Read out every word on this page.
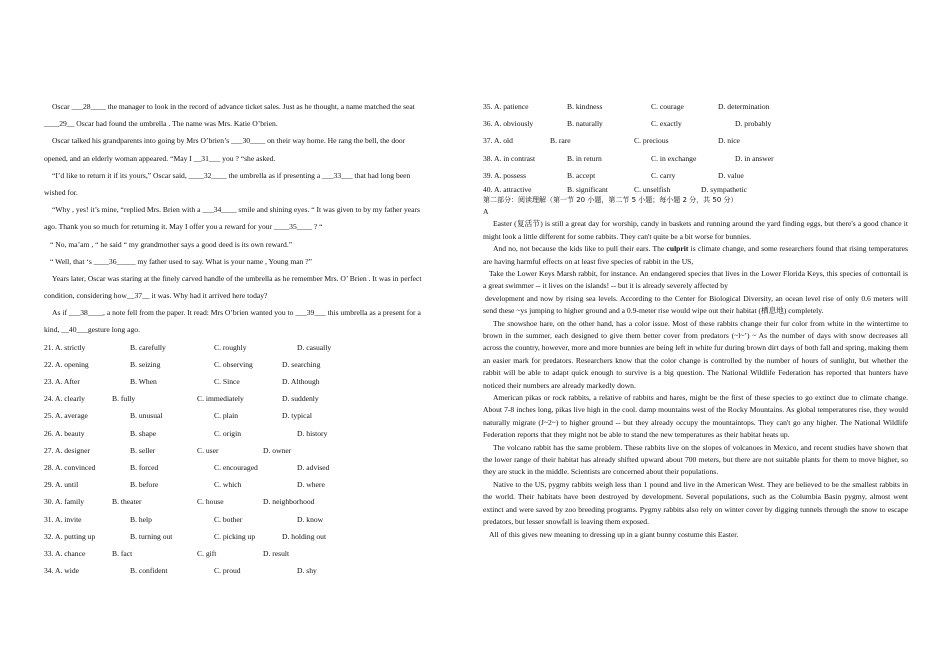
Oscar ___28____ the manager to look in the record of advance ticket sales. Just as he thought, a name matched the seat
____29__ Oscar had found the umbrella . The name was Mrs. Katie O’brien.
Oscar talked his grandparents into going by Mrs O’brien’s ___30____ on their way home. He rang the bell, the door
opened, and an elderly woman appeared. “May I __31___ you ? “she asked.
“I’d like to return it if its yours,” Oscar said, ____32____ the umbrella as if presenting a ___33___ that had long been
wished for.
“Why , yes! it’s mine, “replied Mrs. Brien with a ___34____ smile and shining eyes. “ It was given to by my father years
ago. Thank you so much for returning it. May I offer you a reward for your ____35____ ? “
“ No, ma’am , “ he said “ my grandmother says a good deed is its own reward.”
“ Well, that ‘s ____36_____ my father used to say. What is your name , Young man ?”
Years later, Oscar was staring at the finely carved handle of the umbrella as he remember Mrs. O’ Brien . It was in perfect
condition, considering how__37__ it was. Why had it arrived here today?
As if ___38____, a note fell from the paper. It read: Mrs O’brien wanted you to ___39___ this umbrella as a present for a
kind, __40___gesture long ago.
21. A. strictly	B. carefully	C. roughly	D. casually
22. A. opening	B. seizing	C. observing	D. searching
23. A. After	B. When	C. Since	D. Although
24. A. clearly	B. fully	C. immediately	D. suddenly
25. A. average	B. unusual	C. plain	D. typical
26. A. beauty	B. shape	C. origin	D. history
27. A. designer	B. seller	C. user	D. owner
28. A. convinced	B. forced	C. encouraged	D. advised
29. A. until	B. before	C. which	D. where
30. A. family	B. theater	C. house	D. neighborhood
31. A. invite	B. help	C. bother	D. know
32. A. putting up	B. turning out	C. picking up	D. holding out
33. A. chance	B. fact	C. gift	D. result
34. A. wide	B. confident	C. proud	D. shy
35. A. patience	B. kindness	C. courage	D. determination
36. A. obviously	B. naturally	C. exactly	D. probably
37. A. old	B. rare	C. precious	D. nice
38. A. in contrast	B. in return	C. in exchange	D. in answer
39. A. possess	B. accept	C. carry	D. value
40. A. attractive	B. significant	C. unselfish	D. sympathetic

第二部分：阅读理解（第一节 20 小题，第二节 5 小题；每小题 2 分，共 50 分）

A

Easter (复活节) is still a great day for worship, candy in baskets and running around the yard finding eggs, but there's a good chance it might look a little different for some rabbits. They can't quite be a bit worse for bunnies.

And no, not because the kids like to pull their ears. The culprit is climate change, and some researchers found that rising temperatures are having harmful effects on at least five species of rabbit in the US,

Take the Lower Keys Marsh rabbit, for instance. An endangered species that lives in the Lower Florida Keys, this species of cottontail is a great swimmer -- it lives on the islands! -- but it is already severely affected by

development and now by rising sea levels. According to the Center for Biological Diversity, an ocean level rise of only 0.6 meters will send these ~ys jumping to higher ground and a 0.9-meter rise would wipe out their habitat (栖息地) completely.

The snowshoe hare, on the other hand, has a color issue. Most of these rabbits change their fur color from white in the wintertime to brown in the summer, each designed to give them better cover from predators (~l~’) ~ As the number of days with snow decreases all across the country, however, more and more bunnies are being left in white fur during brown dirt days of both fall and spring, making them an easier mark for predators. Researchers know that the color change is controlled by the number of hours of sunlight, but whether the rabbit will be able to adapt quick enough to survive is a big question. The National Wildlife Federation has reported that hunters have noticed their numbers are already markedly down.

American pikas or rock rabbits, a relative of rabbits and hares, might be the first of these species to go extinct due to climate change. About 7-8 inches long, pikas live high in the cool. damp mountains west of the Rocky Mountains. As global temperatures rise, they would naturally migrate (J~2~) to higher ground -- but they already occupy the mountaintops. They can't go any higher. The National Wildlife Federation reports that they might not be able to stand the new temperatures as their habitat heats up.

The volcano rabbit has the same problem. These rabbits live on the slopes of volcanoes in Mexico, and recent studies have shown that the lower range of their habitat has already shifted upward about 700 meters, but there are not suitable plants for them to move higher, so they are stuck in the middle. Scientists are concerned about their populations.

Native to the US, pygmy rabbits weigh less than 1 pound and live in the American West. They are believed to be the smallest rabbits in the world. Their habitats have been destroyed by development. Several populations, such as the Columbia Basin pygmy, almost went extinct and were saved by zoo breeding programs. Pygmy rabbits also rely on winter cover by digging tunnels through the snow to escape predators, but lesser snowfall is leaving them exposed.

All of this gives new meaning to dressing up in a giant bunny costume this Easter.
